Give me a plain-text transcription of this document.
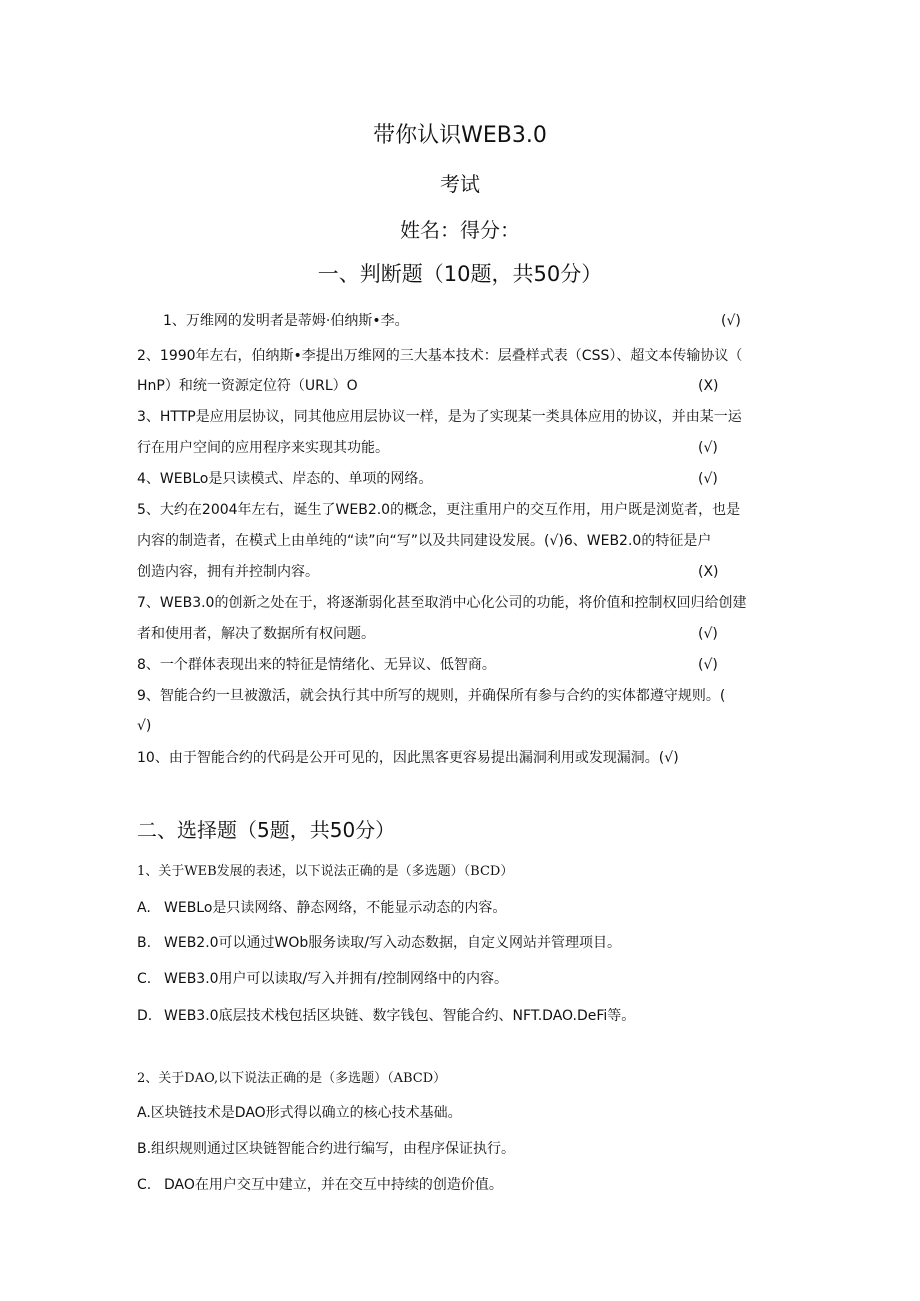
带你认识WEB3.0
考试
姓名：得分：
一、判断题（10题，共50分）
1、万维网的发明者是蒂姆·伯纳斯•李。	(√)
2、1990年左右，伯纳斯•李提出万维网的三大基本技术：层叠样式表（CSS）、超文本传输协议（
HnP）和统一资源定位符（URL）O	(X)
3、HTTP是应用层协议，同其他应用层协议一样，是为了实现某一类具体应用的协议，并由某一运
行在用户空间的应用程序来实现其功能。	(√)
4、WEBLo是只读模式、岸态的、单项的网络。	(√)
5、大约在2004年左右，诞生了WEB2.0的概念，更注重用户的交互作用，用户既是浏览者，也是
内容的制造者，在模式上由单纯的“读”向“写”以及共同建设发展。(√)6、WEB2.0的特征是户
创造内容，拥有并控制内容。	(X)
7、WEB3.0的创新之处在于，将逐渐弱化甚至取消中心化公司的功能，将价值和控制权回归给创建
者和使用者，解决了数据所有权问题。	(√)
8、一个群体表现出来的特征是情绪化、无异议、低智商。	(√)
9、智能合约一旦被激活，就会执行其中所写的规则，并确保所有参与合约的实体都遵守规则。(
√)
10、由于智能合约的代码是公开可见的，因此黑客更容易提出漏洞利用或发现漏洞。(√)
二、选择题（5题，共50分）
1、关于WEB发展的表述，以下说法正确的是（多选题）（BCD）
A. WEBLo是只读网络、静态网络，不能显示动态的内容。
B. WEB2.0可以通过WOb服务读取/写入动态数据，自定义网站并管理项目。
C. WEB3.0用户可以读取/写入并拥有/控制网络中的内容。
D. WEB3.0底层技术栈包括区块链、数字钱包、智能合约、NFT.DAO.DeFi等。
2、关于DAO,以下说法正确的是（多选题）（ABCD）
A.区块链技术是DAO形式得以确立的核心技术基础。
B.组织规则通过区块链智能合约进行编写，由程序保证执行。
C. DAO在用户交互中建立，并在交互中持续的创造价值。
